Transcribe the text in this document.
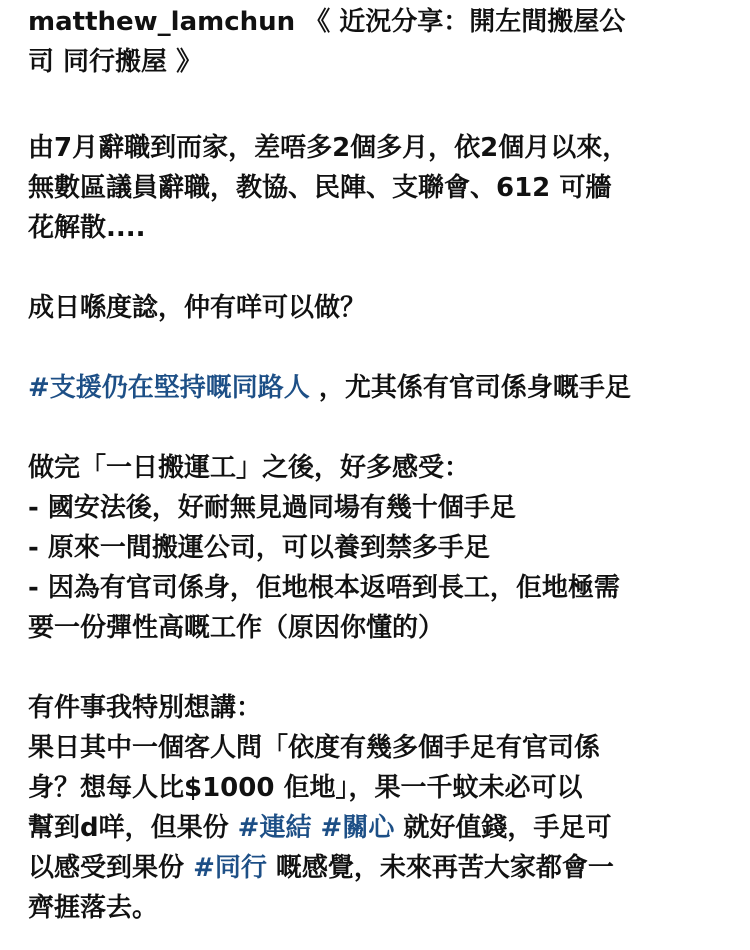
matthew_lamchun 《 近況分享：開左間搬屋公
司 同行搬屋 》
由7月辭職到而家，差唔多2個多月，依2個月以來，
無數區議員辭職，教協、民陣、支聯會、612 可牆
花解散....
成日喺度諗，仲有咩可以做？
#支援仍在堅持嘅同路人 ，尤其係有官司係身嘅手足
做完「一日搬運工」之後，好多感受：
- 國安法後，好耐無見過同場有幾十個手足
- 原來一間搬運公司，可以養到禁多手足
- 因為有官司係身，佢地根本返唔到長工，佢地極需
要一份彈性高嘅工作（原因你懂的）
有件事我特別想講：
果日其中一個客人問「依度有幾多個手足有官司係
身？想每人比$1000 佢地」，果一千蚊未必可以
幫到d咩，但果份 #連結 #關心 就好值錢，手足可
以感受到果份 #同行 嘅感覺，未來再苦大家都會一
齊捱落去。
